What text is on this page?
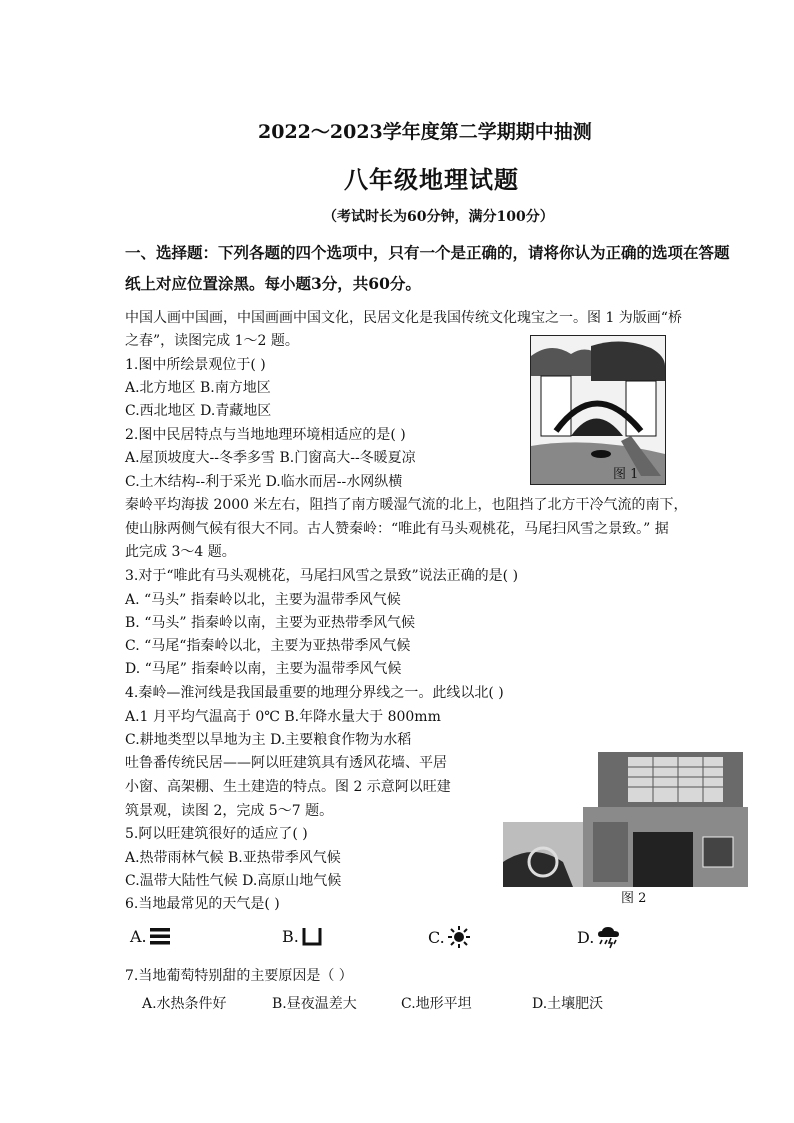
2022～2023学年度第二学期期中抽测
八年级地理试题
（考试时长为60分钟，满分100分）
一、选择题：下列各题的四个选项中，只有一个是正确的，请将你认为正确的选项在答题
纸上对应位置涂黑。每小题3分，共60分。
中国人画中国画，中国画画中国文化，民居文化是我国传统文化瑰宝之一。图 1 为版画“桥
之春”，读图完成 1～2 题。
图 1
1.图中所绘景观位于( )
A.北方地区 B.南方地区
C.西北地区 D.青藏地区
2.图中民居特点与当地地理环境相适应的是( )
A.屋顶坡度大--冬季多雪 B.门窗高大--冬暖夏凉
C.土木结构--利于采光 D.临水而居--水网纵横
秦岭平均海拔 2000 米左右，阻挡了南方暖湿气流的北上，也阻挡了北方干冷气流的南下，
使山脉两侧气候有很大不同。古人赞秦岭：“唯此有马头观桃花，马尾扫风雪之景致。” 据
此完成 3～4 题。
3.对于“唯此有马头观桃花，马尾扫风雪之景致”说法正确的是( )
A. “马头” 指秦岭以北，主要为温带季风气候
B. “马头” 指秦岭以南，主要为亚热带季风气候
C. “马尾“指秦岭以北，主要为亚热带季风气候
D. “马尾” 指秦岭以南，主要为温带季风气候
4.秦岭—淮河线是我国最重要的地理分界线之一。此线以北( )
A.1 月平均气温高于 0℃ B.年降水量大于 800mm
C.耕地类型以旱地为主 D.主要粮食作物为水稻
吐鲁番传统民居——阿以旺建筑具有透风花墙、平居
小窗、高架棚、生土建造的特点。图 2 示意阿以旺建
筑景观，读图 2，完成 5～7 题。
图 2
5.阿以旺建筑很好的适应了( )
A.热带雨林气候 B.亚热带季风气候
C.温带大陆性气候 D.高原山地气候
6.当地最常见的天气是( )
A.	B.	C.	D.
7.当地葡萄特别甜的主要原因是（ ）
A.水热条件好	B.昼夜温差大	C.地形平坦	D.土壤肥沃
